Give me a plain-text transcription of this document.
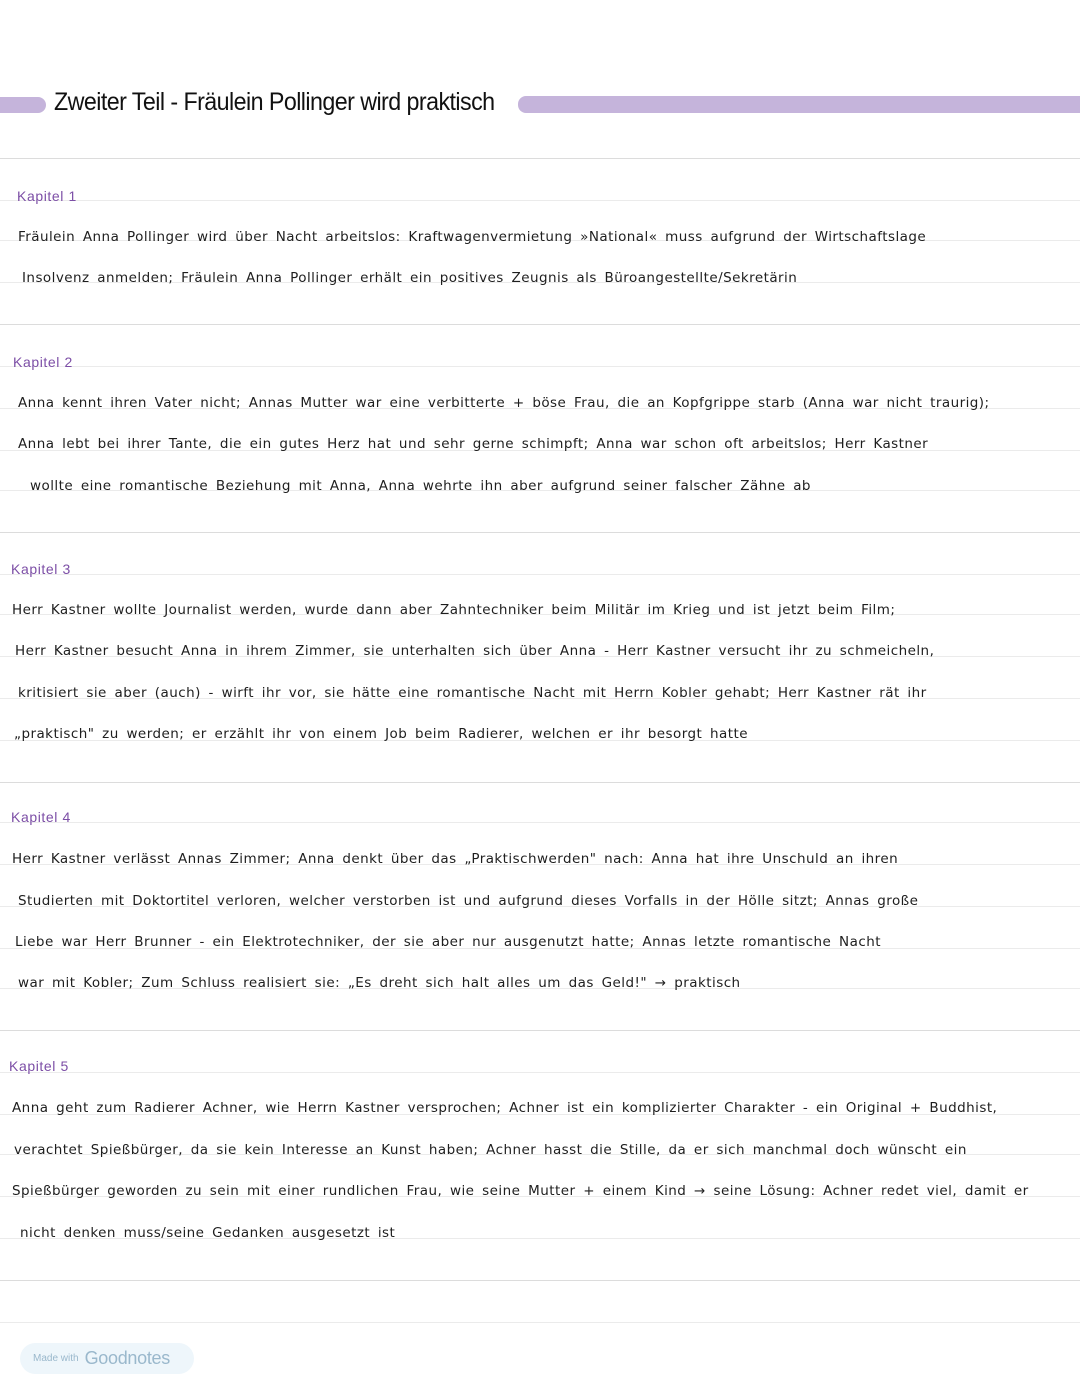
Zweiter Teil - Fräulein Pollinger wird praktisch
Kapitel 1
Fräulein Anna Pollinger wird über Nacht arbeitslos: Kraftwagenvermietung »National« muss aufgrund der Wirtschaftslage
Insolvenz anmelden; Fräulein Anna Pollinger erhält ein positives Zeugnis als Büroangestellte/Sekretärin
Kapitel 2
Anna kennt ihren Vater nicht; Annas Mutter war eine verbitterte + böse Frau, die an Kopfgrippe starb (Anna war nicht traurig);
Anna lebt bei ihrer Tante, die ein gutes Herz hat und sehr gerne schimpft; Anna war schon oft arbeitslos; Herr Kastner
wollte eine romantische Beziehung mit Anna, Anna wehrte ihn aber aufgrund seiner falscher Zähne ab
Kapitel 3
Herr Kastner wollte Journalist werden, wurde dann aber Zahntechniker beim Militär im Krieg und ist jetzt beim Film;
Herr Kastner besucht Anna in ihrem Zimmer, sie unterhalten sich über Anna - Herr Kastner versucht ihr zu schmeicheln,
kritisiert sie aber (auch) - wirft ihr vor, sie hätte eine romantische Nacht mit Herrn Kobler gehabt; Herr Kastner rät ihr
„praktisch" zu werden; er erzählt ihr von einem Job beim Radierer, welchen er ihr besorgt hatte
Kapitel 4
Herr Kastner verlässt Annas Zimmer; Anna denkt über das „Praktischwerden" nach: Anna hat ihre Unschuld an ihren
Studierten mit Doktortitel verloren, welcher verstorben ist und aufgrund dieses Vorfalls in der Hölle sitzt; Annas große
Liebe war Herr Brunner - ein Elektrotechniker, der sie aber nur ausgenutzt hatte; Annas letzte romantische Nacht
war mit Kobler; Zum Schluss realisiert sie: „Es dreht sich halt alles um das Geld!" → praktisch
Kapitel 5
Anna geht zum Radierer Achner, wie Herrn Kastner versprochen; Achner ist ein komplizierter Charakter - ein Original + Buddhist,
verachtet Spießbürger, da sie kein Interesse an Kunst haben; Achner hasst die Stille, da er sich manchmal doch wünscht ein
Spießbürger geworden zu sein mit einer rundlichen Frau, wie seine Mutter + einem Kind → seine Lösung: Achner redet viel, damit er
nicht denken muss/seine Gedanken ausgesetzt ist
Made with Goodnotes
